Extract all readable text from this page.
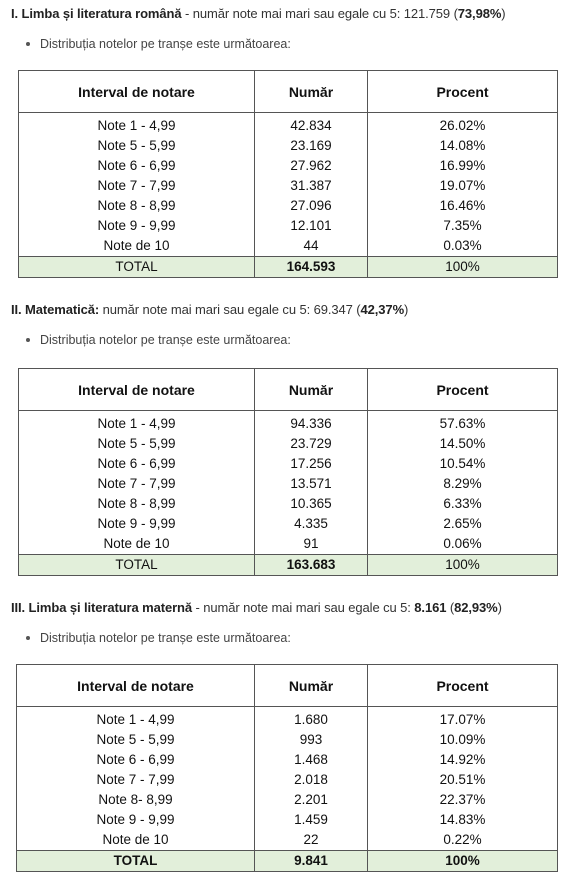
I. Limba și literatura română - număr note mai mari sau egale cu 5: 121.759 (73,98%)
Distribuția notelor pe tranșe este următoarea:
Interval de notare	Număr	Procent
Note 1 - 4,99	42.834	26.02%
Note 5 - 5,99	23.169	14.08%
Note 6 - 6,99	27.962	16.99%
Note 7 - 7,99	31.387	19.07%
Note 8 - 8,99	27.096	16.46%
Note 9 - 9,99	12.101	7.35%
Note de 10	44	0.03%
TOTAL	164.593	100%
II. Matematică: număr note mai mari sau egale cu 5: 69.347 (42,37%)
Distribuția notelor pe tranșe este următoarea:
Interval de notare	Număr	Procent
Note 1 - 4,99	94.336	57.63%
Note 5 - 5,99	23.729	14.50%
Note 6 - 6,99	17.256	10.54%
Note 7 - 7,99	13.571	8.29%
Note 8 - 8,99	10.365	6.33%
Note 9 - 9,99	4.335	2.65%
Note de 10	91	0.06%
TOTAL	163.683	100%
III. Limba și literatura maternă - număr note mai mari sau egale cu 5: 8.161 (82,93%)
Distribuția notelor pe tranșe este următoarea:
Interval de notare	Număr	Procent
Note 1 - 4,99	1.680	17.07%
Note 5 - 5,99	993	10.09%
Note 6 - 6,99	1.468	14.92%
Note 7 - 7,99	2.018	20.51%
Note 8- 8,99	2.201	22.37%
Note 9 - 9,99	1.459	14.83%
Note de 10	22	0.22%
TOTAL	9.841	100%
